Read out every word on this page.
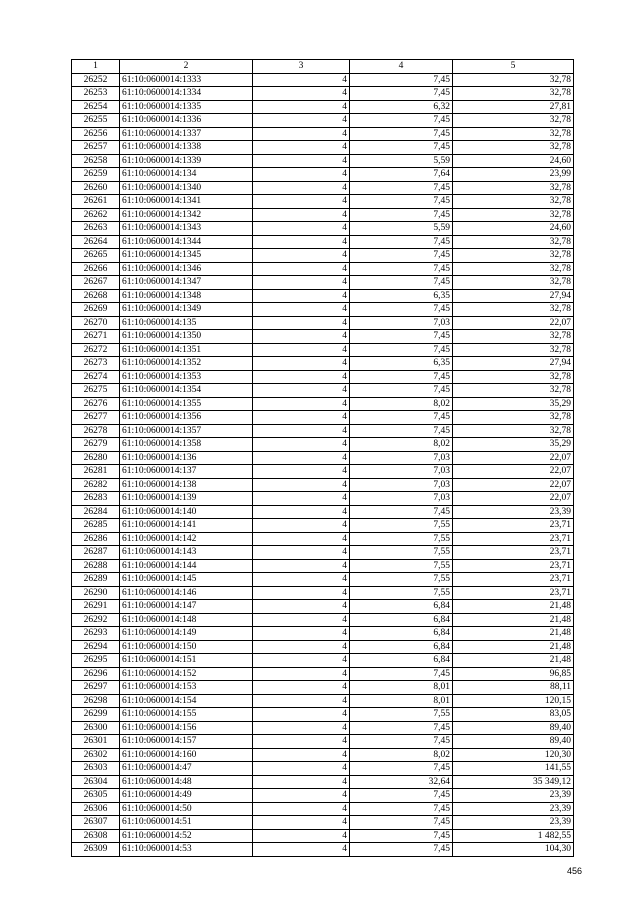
1	2	3	4	5
26252	61:10:0600014:1333	4	7,45	32,78
26253	61:10:0600014:1334	4	7,45	32,78
26254	61:10:0600014:1335	4	6,32	27,81
26255	61:10:0600014:1336	4	7,45	32,78
26256	61:10:0600014:1337	4	7,45	32,78
26257	61:10:0600014:1338	4	7,45	32,78
26258	61:10:0600014:1339	4	5,59	24,60
26259	61:10:0600014:134	4	7,64	23,99
26260	61:10:0600014:1340	4	7,45	32,78
26261	61:10:0600014:1341	4	7,45	32,78
26262	61:10:0600014:1342	4	7,45	32,78
26263	61:10:0600014:1343	4	5,59	24,60
26264	61:10:0600014:1344	4	7,45	32,78
26265	61:10:0600014:1345	4	7,45	32,78
26266	61:10:0600014:1346	4	7,45	32,78
26267	61:10:0600014:1347	4	7,45	32,78
26268	61:10:0600014:1348	4	6,35	27,94
26269	61:10:0600014:1349	4	7,45	32,78
26270	61:10:0600014:135	4	7,03	22,07
26271	61:10:0600014:1350	4	7,45	32,78
26272	61:10:0600014:1351	4	7,45	32,78
26273	61:10:0600014:1352	4	6,35	27,94
26274	61:10:0600014:1353	4	7,45	32,78
26275	61:10:0600014:1354	4	7,45	32,78
26276	61:10:0600014:1355	4	8,02	35,29
26277	61:10:0600014:1356	4	7,45	32,78
26278	61:10:0600014:1357	4	7,45	32,78
26279	61:10:0600014:1358	4	8,02	35,29
26280	61:10:0600014:136	4	7,03	22,07
26281	61:10:0600014:137	4	7,03	22,07
26282	61:10:0600014:138	4	7,03	22,07
26283	61:10:0600014:139	4	7,03	22,07
26284	61:10:0600014:140	4	7,45	23,39
26285	61:10:0600014:141	4	7,55	23,71
26286	61:10:0600014:142	4	7,55	23,71
26287	61:10:0600014:143	4	7,55	23,71
26288	61:10:0600014:144	4	7,55	23,71
26289	61:10:0600014:145	4	7,55	23,71
26290	61:10:0600014:146	4	7,55	23,71
26291	61:10:0600014:147	4	6,84	21,48
26292	61:10:0600014:148	4	6,84	21,48
26293	61:10:0600014:149	4	6,84	21,48
26294	61:10:0600014:150	4	6,84	21,48
26295	61:10:0600014:151	4	6,84	21,48
26296	61:10:0600014:152	4	7,45	96,85
26297	61:10:0600014:153	4	8,01	88,11
26298	61:10:0600014:154	4	8,01	120,15
26299	61:10:0600014:155	4	7,55	83,05
26300	61:10:0600014:156	4	7,45	89,40
26301	61:10:0600014:157	4	7,45	89,40
26302	61:10:0600014:160	4	8,02	120,30
26303	61:10:0600014:47	4	7,45	141,55
26304	61:10:0600014:48	4	32,64	35 349,12
26305	61:10:0600014:49	4	7,45	23,39
26306	61:10:0600014:50	4	7,45	23,39
26307	61:10:0600014:51	4	7,45	23,39
26308	61:10:0600014:52	4	7,45	1 482,55
26309	61:10:0600014:53	4	7,45	104,30
456
